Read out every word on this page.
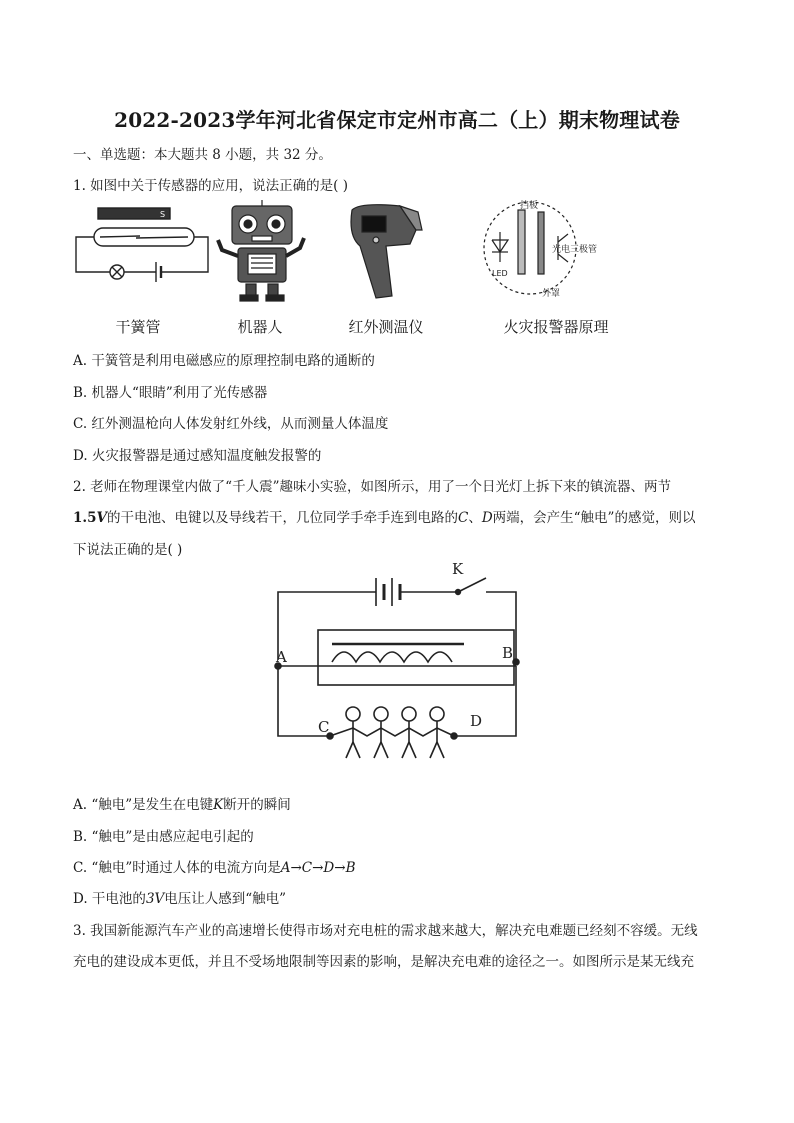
2022-2023学年河北省保定市定州市高二（上）期末物理试卷
一、单选题：本大题共 8 小题，共 32 分。
1. 如图中关于传感器的应用，说法正确的是( )
S
挡板
光电三极管
LED
外罩
干簧管	机器人	红外测温仪	火灾报警器原理
A. 干簧管是利用电磁感应的原理控制电路的通断的
B. 机器人“眼睛”利用了光传感器
C. 红外测温枪向人体发射红外线，从而测量人体温度
D. 火灾报警器是通过感知温度触发报警的
2. 老师在物理课堂内做了“千人震”趣味小实验，如图所示，用了一个日光灯上拆下来的镇流器、两节
1.5V的干电池、电键以及导线若干，几位同学手牵手连到电路的C、D两端，会产生“触电”的感觉，则以
下说法正确的是( )
K
A	B
C	D
A. “触电”是发生在电键K断开的瞬间
B. “触电”是由感应起电引起的
C. “触电”时通过人体的电流方向是A→C→D→B
D. 干电池的3V电压让人感到“触电”
3. 我国新能源汽车产业的高速增长使得市场对充电桩的需求越来越大，解决充电难题已经刻不容缓。无线
充电的建设成本更低，并且不受场地限制等因素的影响，是解决充电难的途径之一。如图所示是某无线充
